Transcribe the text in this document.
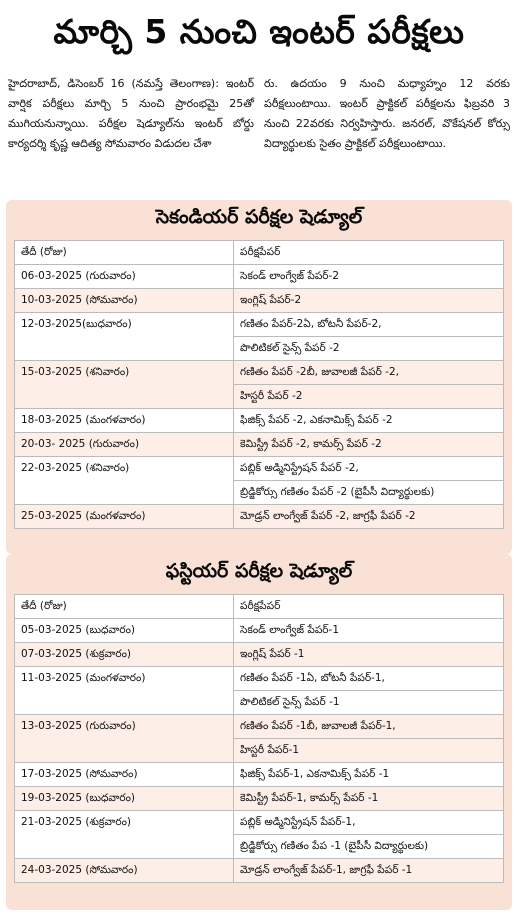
మార్చి 5 నుంచి ఇంటర్ పరీక్షలు

హైదరాబాద్, డిసెంబర్ 16 (నమస్తే తెలంగాణ): ఇంటర్ వార్షిక పరీక్షలు మార్చి 5 నుంచి ప్రారంభమై 25తో ముగియనున్నాయి. పరీక్షల షెడ్యూల్‌ను ఇంటర్ బోర్డు కార్యదర్శి కృష్ణ ఆదిత్య సోమవారం విడుదల చేశా

రు. ఉదయం 9 నుంచి మధ్యాహ్నం 12 వరకు పరీక్షలుంటాయి. ఇంటర్ ప్రాక్టికల్ పరీక్షలను ఫిబ్రవరి 3 నుంచి 22వరకు నిర్వహిస్తారు. జనరల్, వొకేషనల్ కోర్సు విద్యార్థులకు సైతం ప్రాక్టికల్ పరీక్షలుంటాయి.

సెకండియర్ పరీక్షల షెడ్యూల్
తేదీ (రోజు)	పరీక్షపేపర్
06-03-2025 (గురువారం)	సెకండ్ లాంగ్వేజ్ పేపర్-2
10-03-2025 (సోమవారం)	ఇంగ్లిష్ పేపర్-2
12-03-2025(బుధవారం)	గణితం పేపర్-2ఏ, బోటనీ పేపర్-2,
	పొలిటికల్ సైన్స్ పేపర్ -2
15-03-2025 (శనివారం)	గణితం పేపర్ -2బీ, జువాలజీ పేపర్ -2,
	హిస్టరీ పేపర్ -2
18-03-2025 (మంగళవారం)	ఫిజిక్స్ పేపర్ -2, ఎకనామిక్స్ పేపర్ -2
20-03- 2025 (గురువారం)	కెమిస్ట్రీ పేపర్ -2, కామర్స్ పేపర్ -2
22-03-2025 (శనివారం)	పబ్లిక్ అడ్మినిస్ట్రేషన్ పేపర్ -2,
	బ్రిడ్జికోర్సు గణితం పేపర్ -2 (బైపీసీ విద్యార్థులకు)
25-03-2025 (మంగళవారం)	మోడ్రన్ లాంగ్వేజ్ పేపర్ -2, జాగ్రఫీ పేపర్ -2
ఫస్టియర్ పరీక్షల షెడ్యూల్
తేదీ (రోజు)	పరీక్షపేపర్
05-03-2025 (బుధవారం)	సెకండ్ లాంగ్వేజ్ పేపర్-1
07-03-2025 (శుక్రవారం)	ఇంగ్లిష్ పేపర్ -1
11-03-2025 (మంగళవారం)	గణితం పేపర్ -1ఏ, బోటనీ పేపర్-1,
	పొలిటికల్ సైన్స్ పేపర్ -1
13-03-2025 (గురువారం)	గణితం పేపర్ -1బీ, జువాలజీ పేపర్-1,
	హిస్టరీ పేపర్-1
17-03-2025 (సోమవారం)	ఫిజిక్స్ పేపర్-1, ఎకనామిక్స్ పేపర్ -1
19-03-2025 (బుధవారం)	కెమిస్ట్రీ పేపర్-1, కామర్స్ పేపర్ -1
21-03-2025 (శుక్రవారం)	పబ్లిక్ అడ్మినిస్ట్రేషన్ పేపర్-1,
	బ్రిడ్జికోర్సు గణితం పేప -1 (బైపీసీ విద్యార్థులకు)
24-03-2025 (సోమవారం)	మోడ్రన్ లాంగ్వేజ్ పేపర్-1, జాగ్రఫీ పేపర్ -1
